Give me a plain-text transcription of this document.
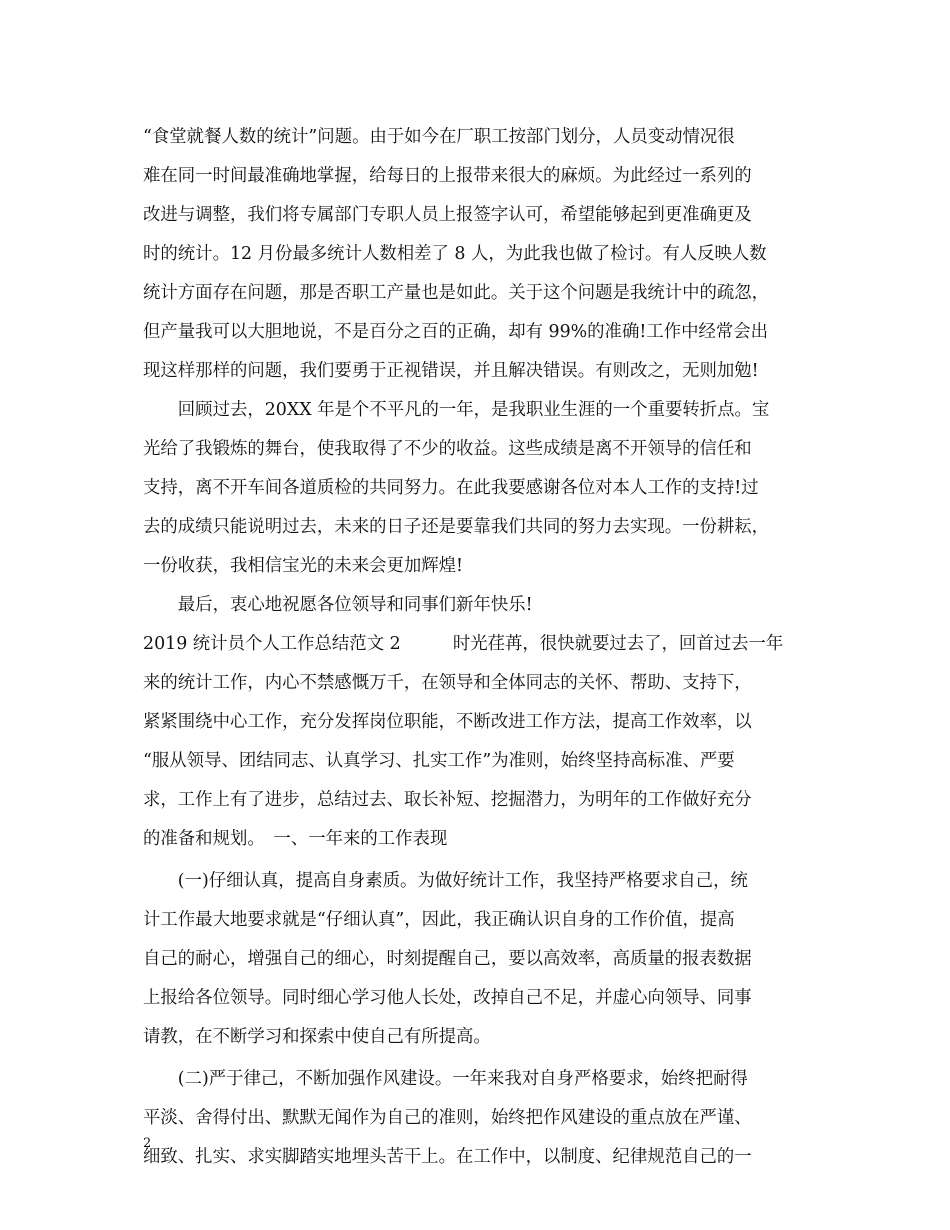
“食堂就餐人数的统计”问题。由于如今在厂职工按部门划分，人员变动情况很
难在同一时间最准确地掌握，给每日的上报带来很大的麻烦。为此经过一系列的
改进与调整，我们将专属部门专职人员上报签字认可，希望能够起到更准确更及
时的统计。12 月份最多统计人数相差了 8 人，为此我也做了检讨。有人反映人数
统计方面存在问题，那是否职工产量也是如此。关于这个问题是我统计中的疏忽，
但产量我可以大胆地说，不是百分之百的正确，却有 99%的准确!工作中经常会出
现这样那样的问题，我们要勇于正视错误，并且解决错误。有则改之，无则加勉!
　　回顾过去，20XX 年是个不平凡的一年，是我职业生涯的一个重要转折点。宝
光给了我锻炼的舞台，使我取得了不少的收益。这些成绩是离不开领导的信任和
支持，离不开车间各道质检的共同努力。在此我要感谢各位对本人工作的支持!过
去的成绩只能说明过去，未来的日子还是要靠我们共同的努力去实现。一份耕耘，
一份收获，我相信宝光的未来会更加辉煌!
　　最后，衷心地祝愿各位领导和同事们新年快乐!
2019 统计员个人工作总结范文 2　　　时光荏苒，很快就要过去了，回首过去一年
来的统计工作，内心不禁感慨万千，在领导和全体同志的关怀、帮助、支持下，
紧紧围绕中心工作，充分发挥岗位职能，不断改进工作方法，提高工作效率，以
“服从领导、团结同志、认真学习、扎实工作”为准则，始终坚持高标准、严要
求，工作上有了进步，总结过去、取长补短、挖掘潜力，为明年的工作做好充分
的准备和规划。　一、一年来的工作表现
　　(一)仔细认真，提高自身素质。为做好统计工作，我坚持严格要求自己，统
计工作最大地要求就是“仔细认真”，因此，我正确认识自身的工作价值，提高
自己的耐心，增强自己的细心，时刻提醒自己，要以高效率，高质量的报表数据
上报给各位领导。同时细心学习他人长处，改掉自己不足，并虚心向领导、同事
请教，在不断学习和探索中使自己有所提高。
　　(二)严于律己，不断加强作风建设。一年来我对自身严格要求，始终把耐得
平淡、舍得付出、默默无闻作为自己的准则，始终把作风建设的重点放在严谨、
细致、扎实、求实脚踏实地埋头苦干上。在工作中，以制度、纪律规范自己的一
2
